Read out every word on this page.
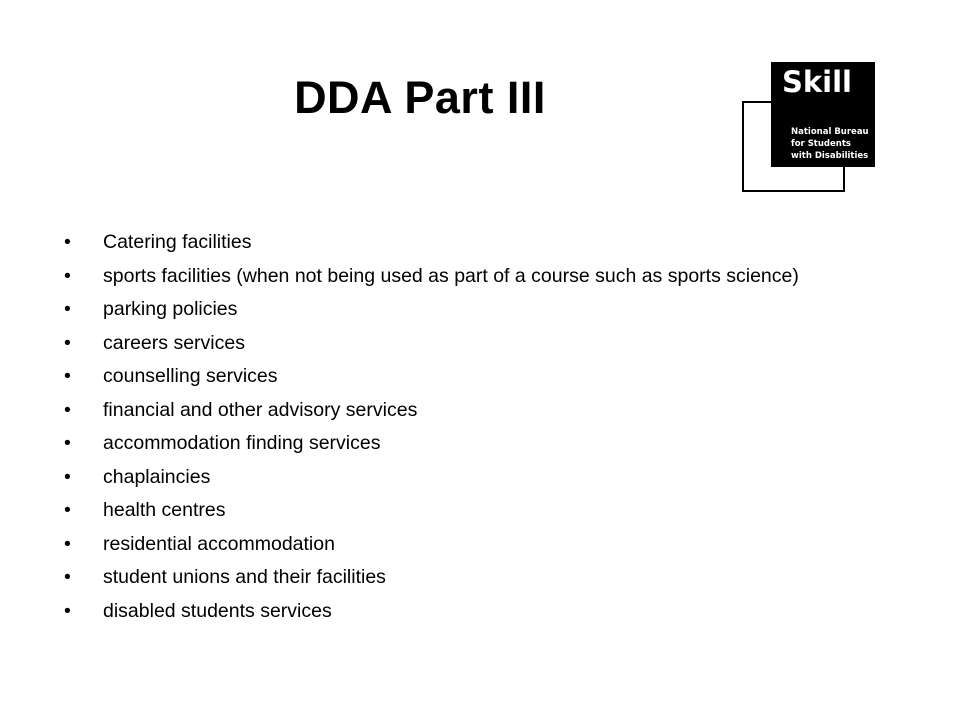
DDA Part III	Skill
National Bureau
for Students
with Disabilities
• Catering facilities
• sports facilities (when not being used as part of a course such as sports science)
• parking policies
• careers services
• counselling services
• financial and other advisory services
• accommodation finding services
• chaplaincies
• health centres
• residential accommodation
• student unions and their facilities
• disabled students services
